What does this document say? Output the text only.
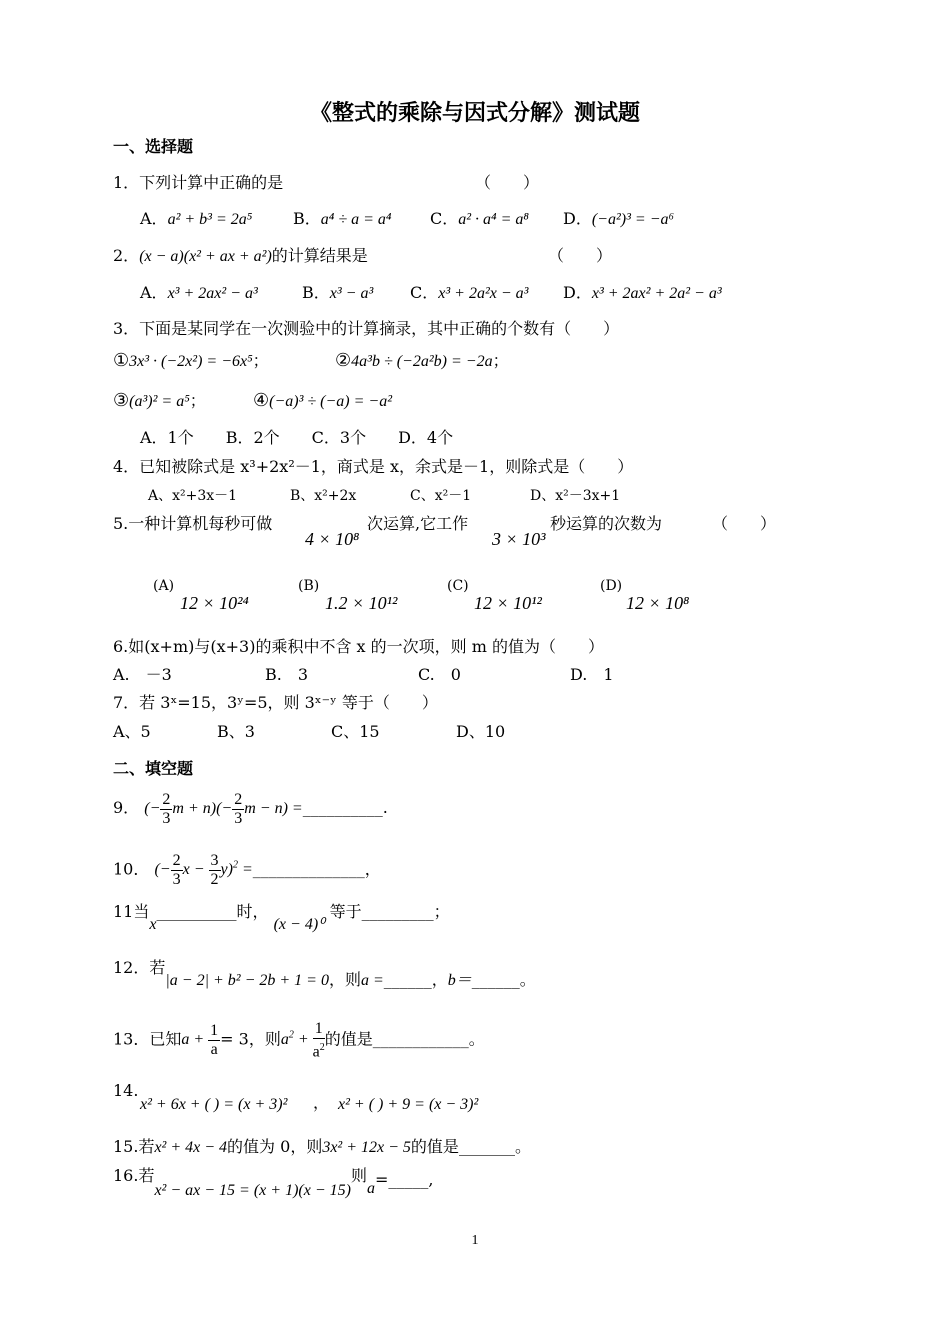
《整式的乘除与因式分解》测试题
一、选择题
1．下列计算中正确的是	（　　）
A．a² + b³ = 2a⁵	B．a⁴ ÷ a = a⁴ C．a² · a⁴ = a⁸ D．(−a²)³ = −a⁶
2．(x − a)(x² + ax + a²)的计算结果是	（　　）
A．x³ + 2ax² − a³	B．x³ − a³ C．x³ + 2a²x − a³ D．x³ + 2ax² + 2a² − a³
3．下面是某同学在一次测验中的计算摘录，其中正确的个数有（　　）
①3x³ · (−2x²) = −6x⁵；	②4a³b ÷ (−2a²b) = −2a；
③(a³)² = a⁵；	④(−a)³ ÷ (−a) = −a²
A．1个　　B．2个　　C．3个　　D．4个
4．已知被除式是 x³+2x²－1，商式是 x，余式是－1，则除式是（　　）
A、x²+3x－1	B、x²+2x	C、x²－1	D、x²－3x+1
5.一种计算机每秒可做
4 × 10⁸
次运算,它工作
3 × 10³
秒运算的次数为	（　　）
(A)
12 × 10²⁴
(B)
1.2 × 10¹²
(C)
12 × 10¹²
(D)
12 × 10⁸
6.如(x+m)与(x+3)的乘积中不含 x 的一次项，则 m 的值为（　　）
A.　－3	B.　3	C.　0	D.　1
7．若 3ˣ=15，3ʸ=5，则 3ˣ⁻ʸ 等于（　　）
A、5	B、3	C、15	D、10
二、填空题
9． (− $\frac{2}{3}$ $m + n)(- \frac{2}{3}$ m − n) =__________.
10． (− $\frac{2}{3}$ $x - \frac{3}{2} y)^2$ =______________，
11当x__________时， (x − 4)⁰ 等于_________；
12．若|a − 2| + b² − 2b + 1 = 0，则a =______，b＝______。
13．已知$a + \frac{1}{a} = 3$，则$a^2 + \frac{1}{a^2}$ 的值是____________。
14.
x² + 6x + ( ) = (x + 3)² ， x² + ( ) + 9 = (x − 3)²
15.若x² + 4x − 4的值为 0，则3x² + 12x − 5的值是_______。
16.若x² − ax − 15 = (x + 1)(x − 15)则a=_____,
1
